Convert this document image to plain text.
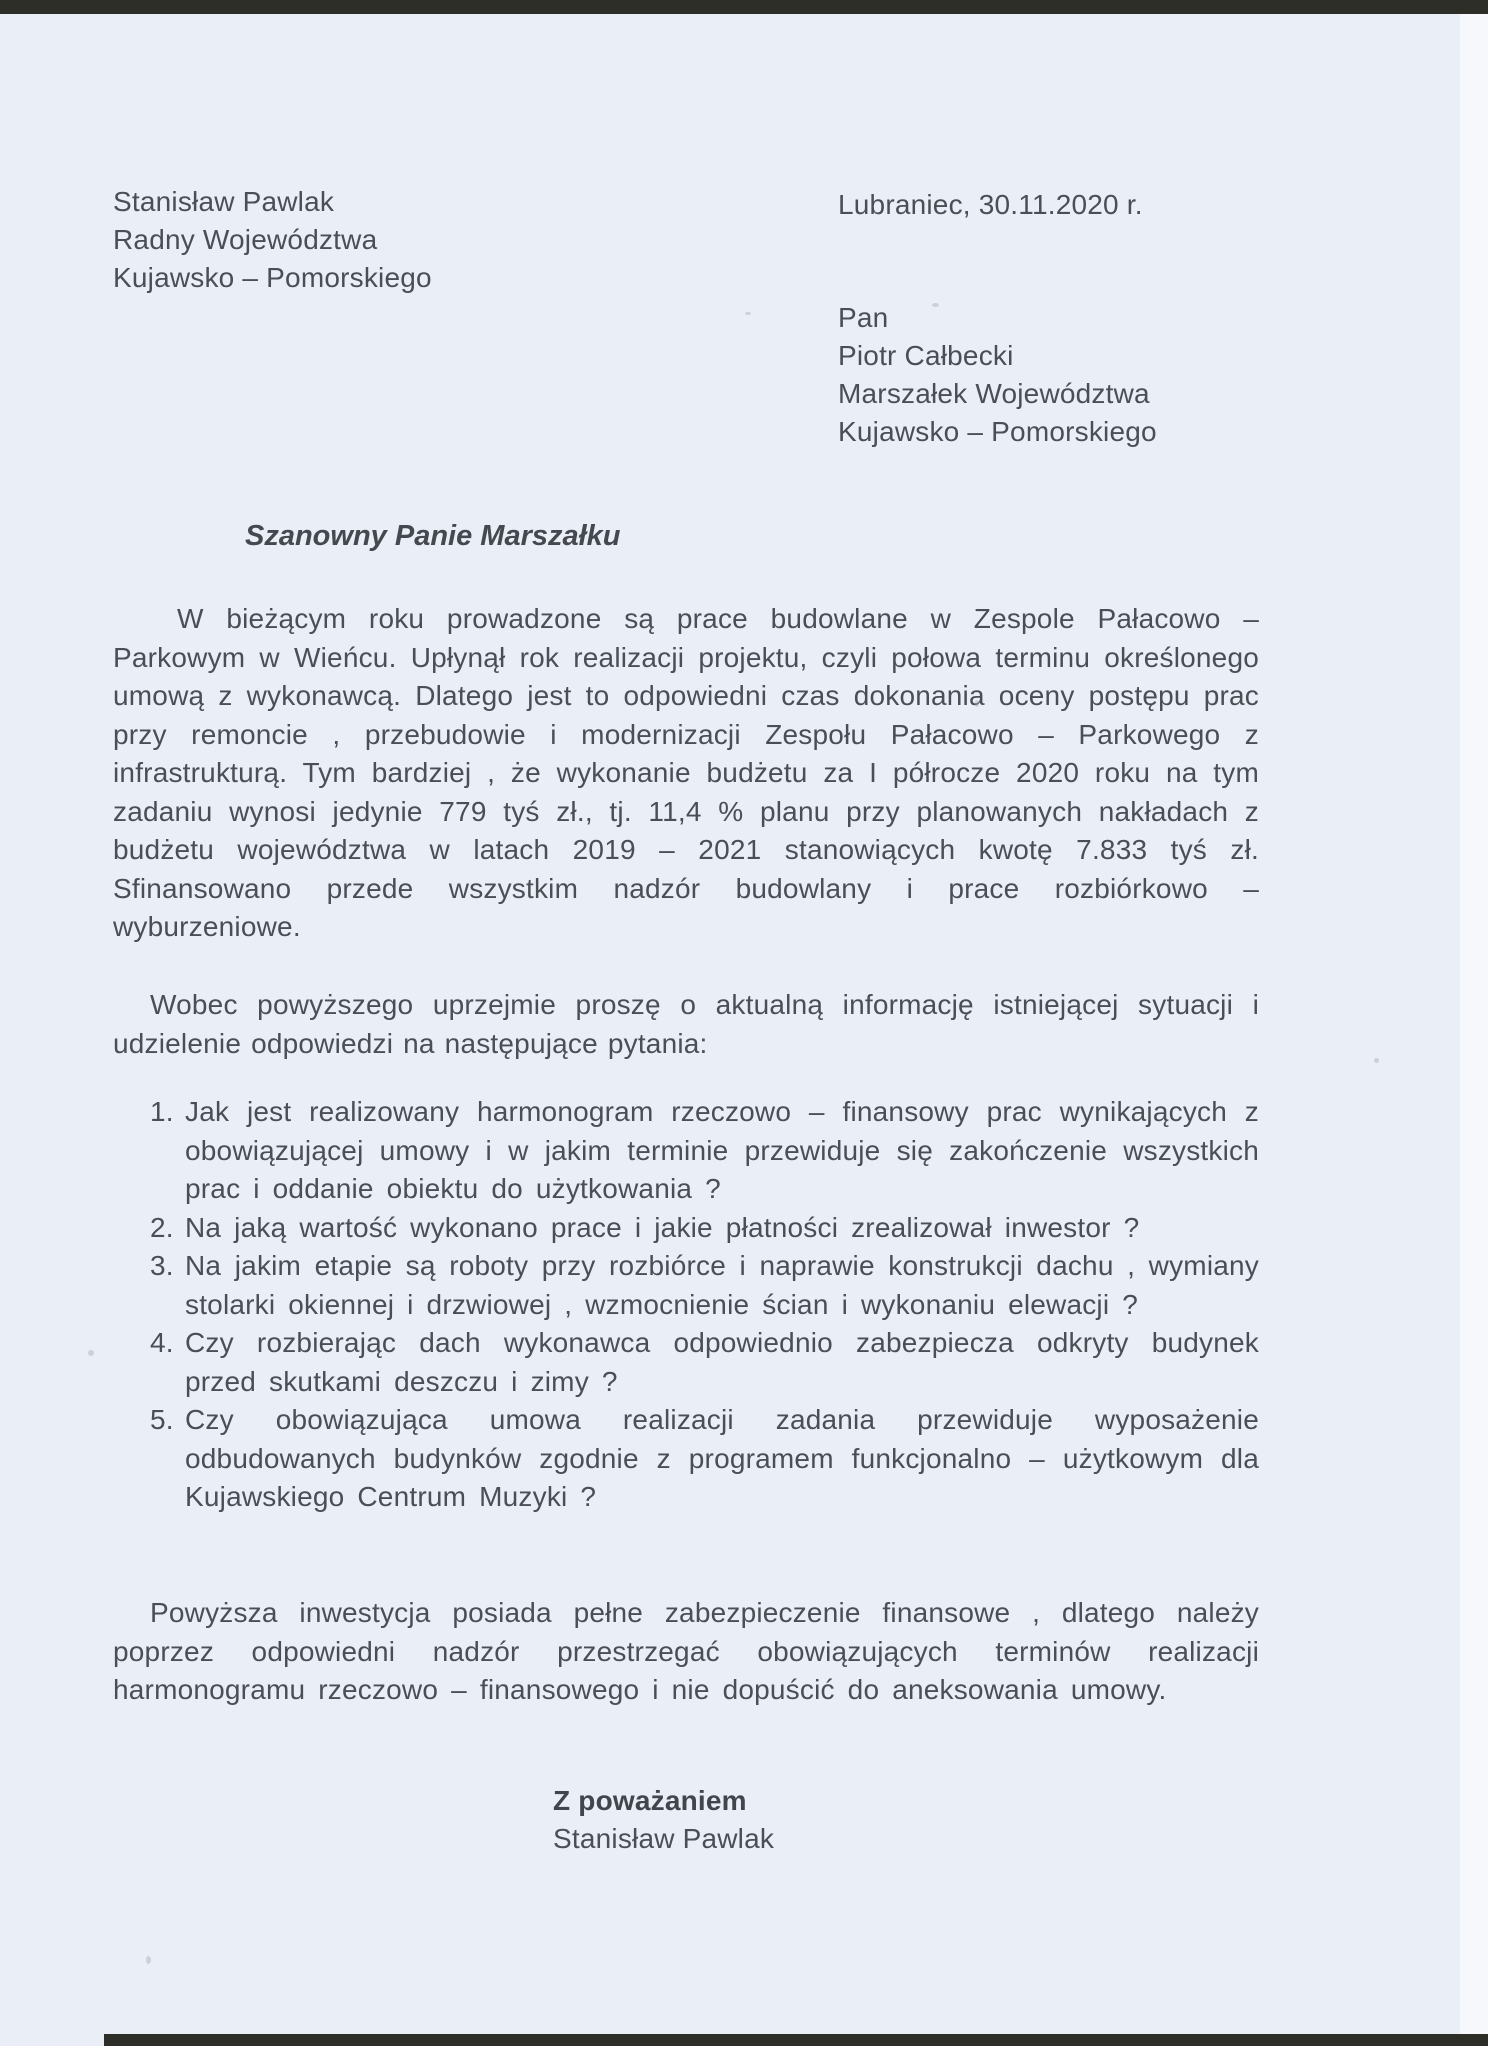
Stanisław Pawlak
Radny Województwa
Kujawsko – Pomorskiego
Lubraniec, 30.11.2020 r.
Pan
Piotr Całbecki
Marszałek Województwa
Kujawsko – Pomorskiego
Szanowny Panie Marszałku
W bieżącym roku prowadzone są prace budowlane w Zespole Pałacowo – Parkowym w Wieńcu. Upłynął rok realizacji projektu, czyli połowa terminu określonego umową z wykonawcą. Dlatego jest to odpowiedni czas dokonania oceny postępu prac przy remoncie , przebudowie i modernizacji Zespołu Pałacowo – Parkowego z infrastrukturą. Tym bardziej , że wykonanie budżetu za I półrocze 2020 roku na tym zadaniu wynosi jedynie 779 tyś zł., tj. 11,4 % planu przy planowanych nakładach z budżetu województwa w latach 2019 – 2021 stanowiących kwotę 7.833 tyś zł. Sfinansowano przede wszystkim nadzór budowlany i prace rozbiórkowo – wyburzeniowe.
Wobec powyższego uprzejmie proszę o aktualną informację istniejącej sytuacji i udzielenie odpowiedzi na następujące pytania:
1. Jak jest realizowany harmonogram rzeczowo – finansowy prac wynikających z obowiązującej umowy i w jakim terminie przewiduje się zakończenie wszystkich prac i oddanie obiektu do użytkowania ?
2. Na jaką wartość wykonano prace i jakie płatności zrealizował inwestor ?
3. Na jakim etapie są roboty przy rozbiórce i naprawie konstrukcji dachu , wymiany stolarki okiennej i drzwiowej , wzmocnienie ścian i wykonaniu elewacji ?
4. Czy rozbierając dach wykonawca odpowiednio zabezpiecza odkryty budynek przed skutkami deszczu i zimy ?
5. Czy obowiązująca umowa realizacji zadania przewiduje wyposażenie odbudowanych budynków zgodnie z programem funkcjonalno – użytkowym dla Kujawskiego Centrum Muzyki ?
Powyższa inwestycja posiada pełne zabezpieczenie finansowe , dlatego należy poprzez odpowiedni nadzór przestrzegać obowiązujących terminów realizacji harmonogramu rzeczowo – finansowego i nie dopuścić do aneksowania umowy.
Z poważaniem
Stanisław Pawlak
